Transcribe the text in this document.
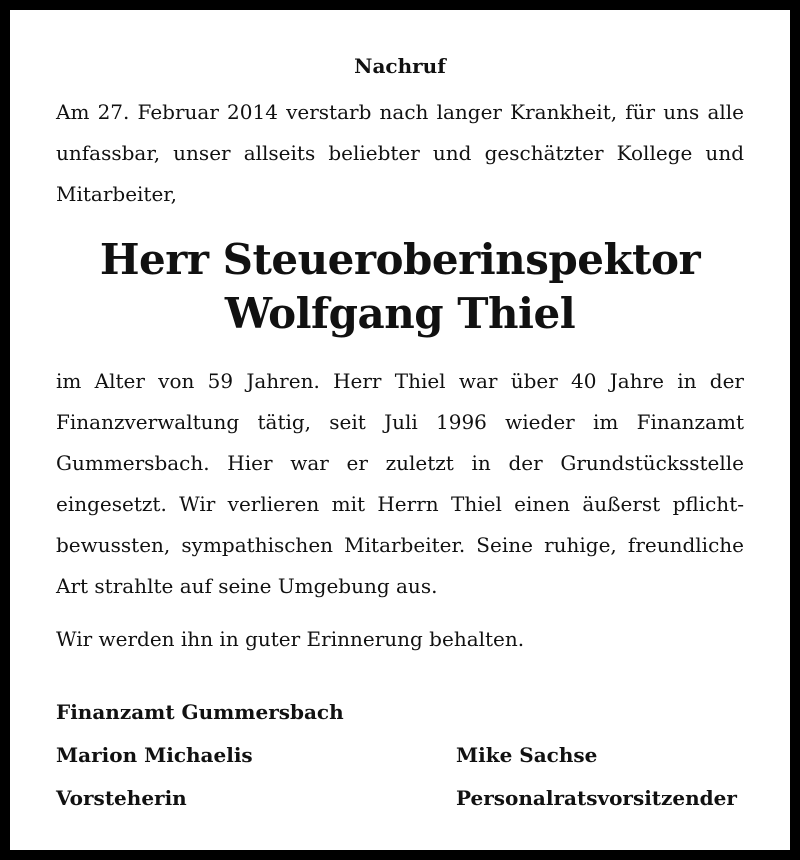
Nachruf

Am 27. Februar 2014 verstarb nach langer Krankheit, für uns alle unfassbar, unser allseits beliebter und geschätzter Kollege und Mitarbeiter,

Herr Steueroberinspektor
Wolfgang Thiel

im Alter von 59 Jahren. Herr Thiel war über 40 Jahre in der Finanzverwaltung tätig, seit Juli 1996 wieder im Finanzamt Gummersbach. Hier war er zuletzt in der Grundstücksstelle eingesetzt. Wir verlieren mit Herrn Thiel einen äußerst pflichtbewussten, sympathischen Mitarbeiter. Seine ruhige, freundliche Art strahlte auf seine Umgebung aus.

Wir werden ihn in guter Erinnerung behalten.

Finanzamt Gummersbach
Marion Michaelis	Mike Sachse
Vorsteherin	Personalratsvorsitzender
